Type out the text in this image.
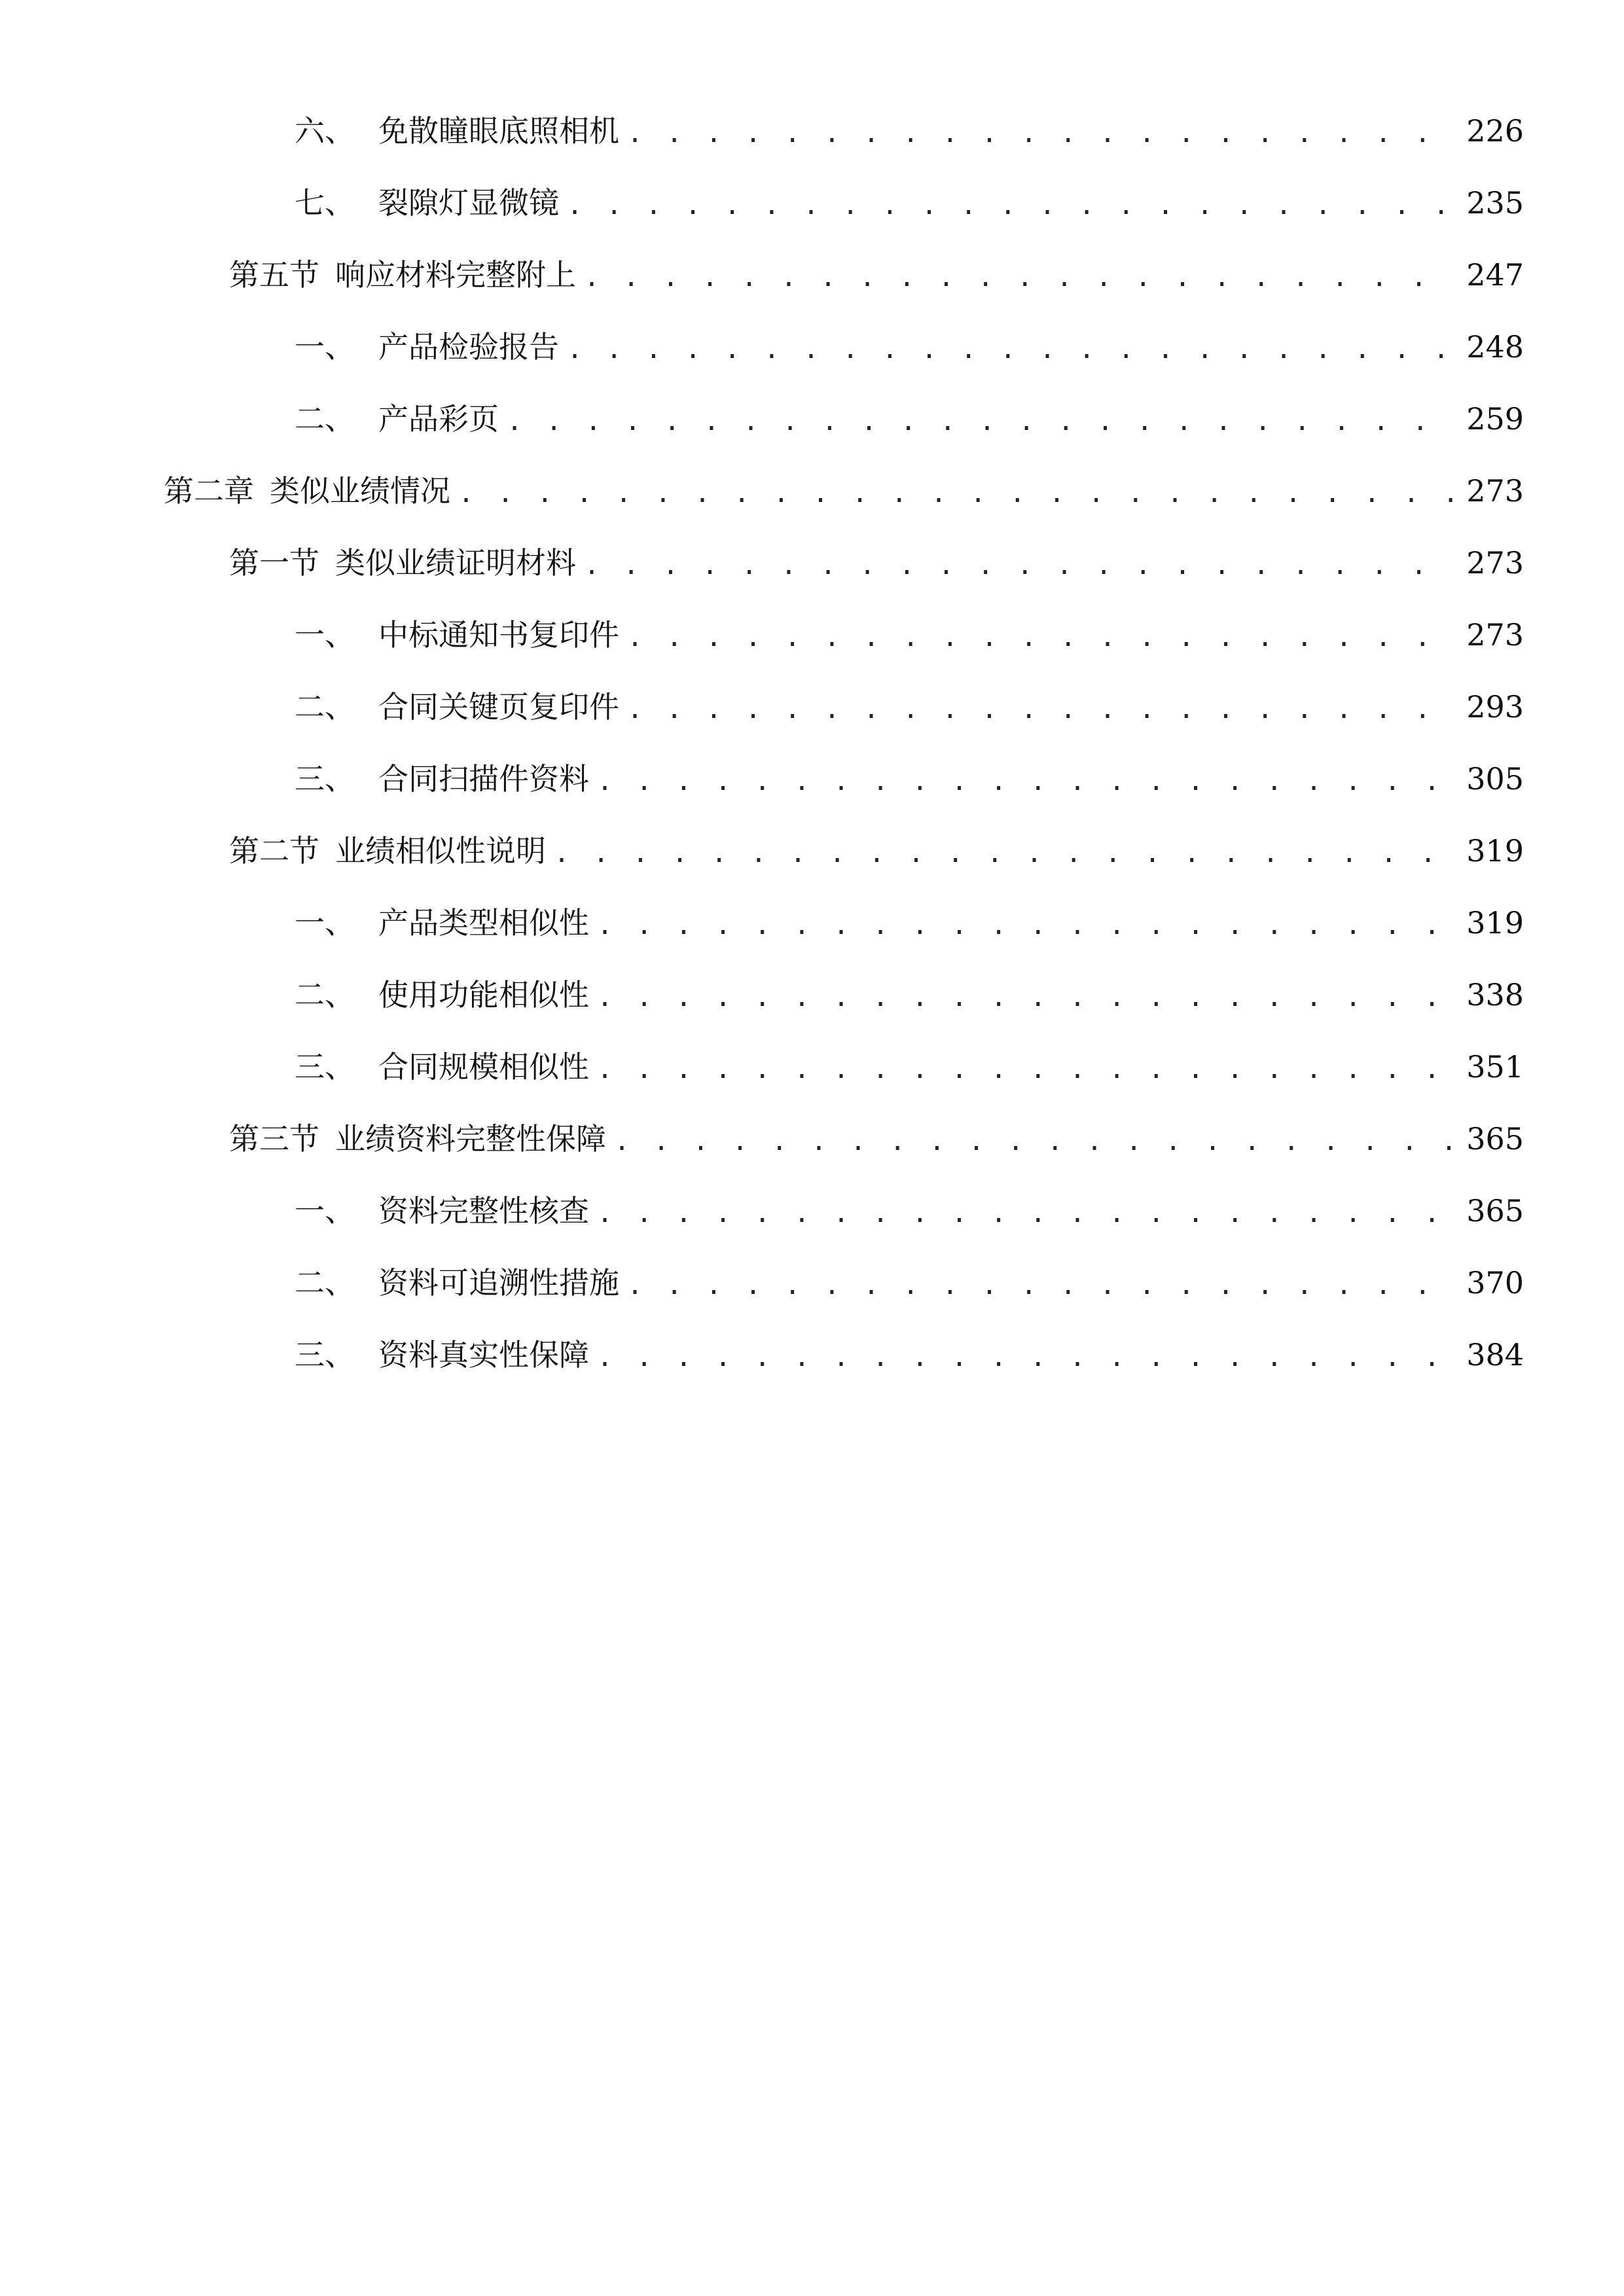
六、 免散瞳眼底照相机 . . .	226
七、 裂隙灯显微镜 . . .	235
第五节 响应材料完整附上 . . .	247
一、 产品检验报告 . . .	248
二、 产品彩页 . . .	259
第二章 类似业绩情况 . . .	273
第一节 类似业绩证明材料 . . .	273
一、 中标通知书复印件 . . .	273
二、 合同关键页复印件 . . .	293
三、 合同扫描件资料 . . .	305
第二节 业绩相似性说明 . . .	319
一、 产品类型相似性 . . .	319
二、 使用功能相似性 . . .	338
三、 合同规模相似性 . . .	351
第三节 业绩资料完整性保障 . . .	365
一、 资料完整性核查 . . .	365
二、 资料可追溯性措施 . . .	370
三、 资料真实性保障 . . .	384
